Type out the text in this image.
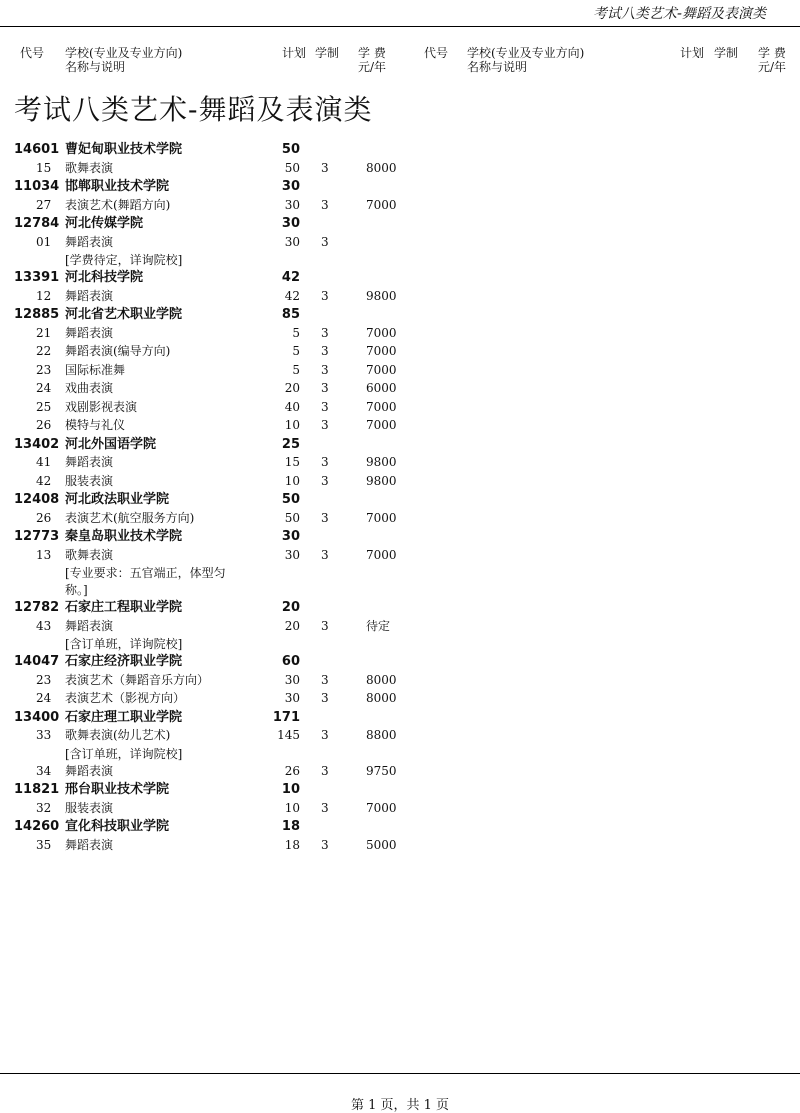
考试八类艺术-舞蹈及表演类
代号 学校(专业及专业方向)
名称与说明
计划 学制 学 费
元/年
代号 学校(专业及专业方向)
名称与说明
计划 学制 学 费
元/年
考试八类艺术-舞蹈及表演类
14601 曹妃甸职业技术学院	50
15 歌舞表演	50 3	8000
11034 邯郸职业技术学院	30
27 表演艺术(舞蹈方向)	30 3	7000
12784 河北传媒学院	30
01 舞蹈表演	30 3
[学费待定，详询院校]
13391 河北科技学院	42
12 舞蹈表演	42 3	9800
12885 河北省艺术职业学院	85
21 舞蹈表演	5 3	7000
22 舞蹈表演(编导方向)	5 3	7000
23 国际标准舞	5 3	7000
24 戏曲表演	20 3	6000
25 戏剧影视表演	40 3	7000
26 模特与礼仪	10 3	7000
13402 河北外国语学院	25
41 舞蹈表演	15 3	9800
42 服装表演	10 3	9800
12408 河北政法职业学院	50
26 表演艺术(航空服务方向)	50 3	7000
12773 秦皇岛职业技术学院	30
13 歌舞表演	30 3	7000
[专业要求：五官端正，体型匀
称。]
12782 石家庄工程职业学院	20
43 舞蹈表演	20 3	待定
[含订单班，详询院校]
14047 石家庄经济职业学院	60
23 表演艺术（舞蹈音乐方向）	30 3	8000
24 表演艺术（影视方向）	30 3	8000
13400 石家庄理工职业学院	171
33 歌舞表演(幼儿艺术)	145 3	8800
[含订单班，详询院校]
34 舞蹈表演	26 3	9750
11821 邢台职业技术学院	10
32 服装表演	10 3	7000
14260 宣化科技职业学院	18
35 舞蹈表演	18 3	5000
第 1 页，共 1 页
